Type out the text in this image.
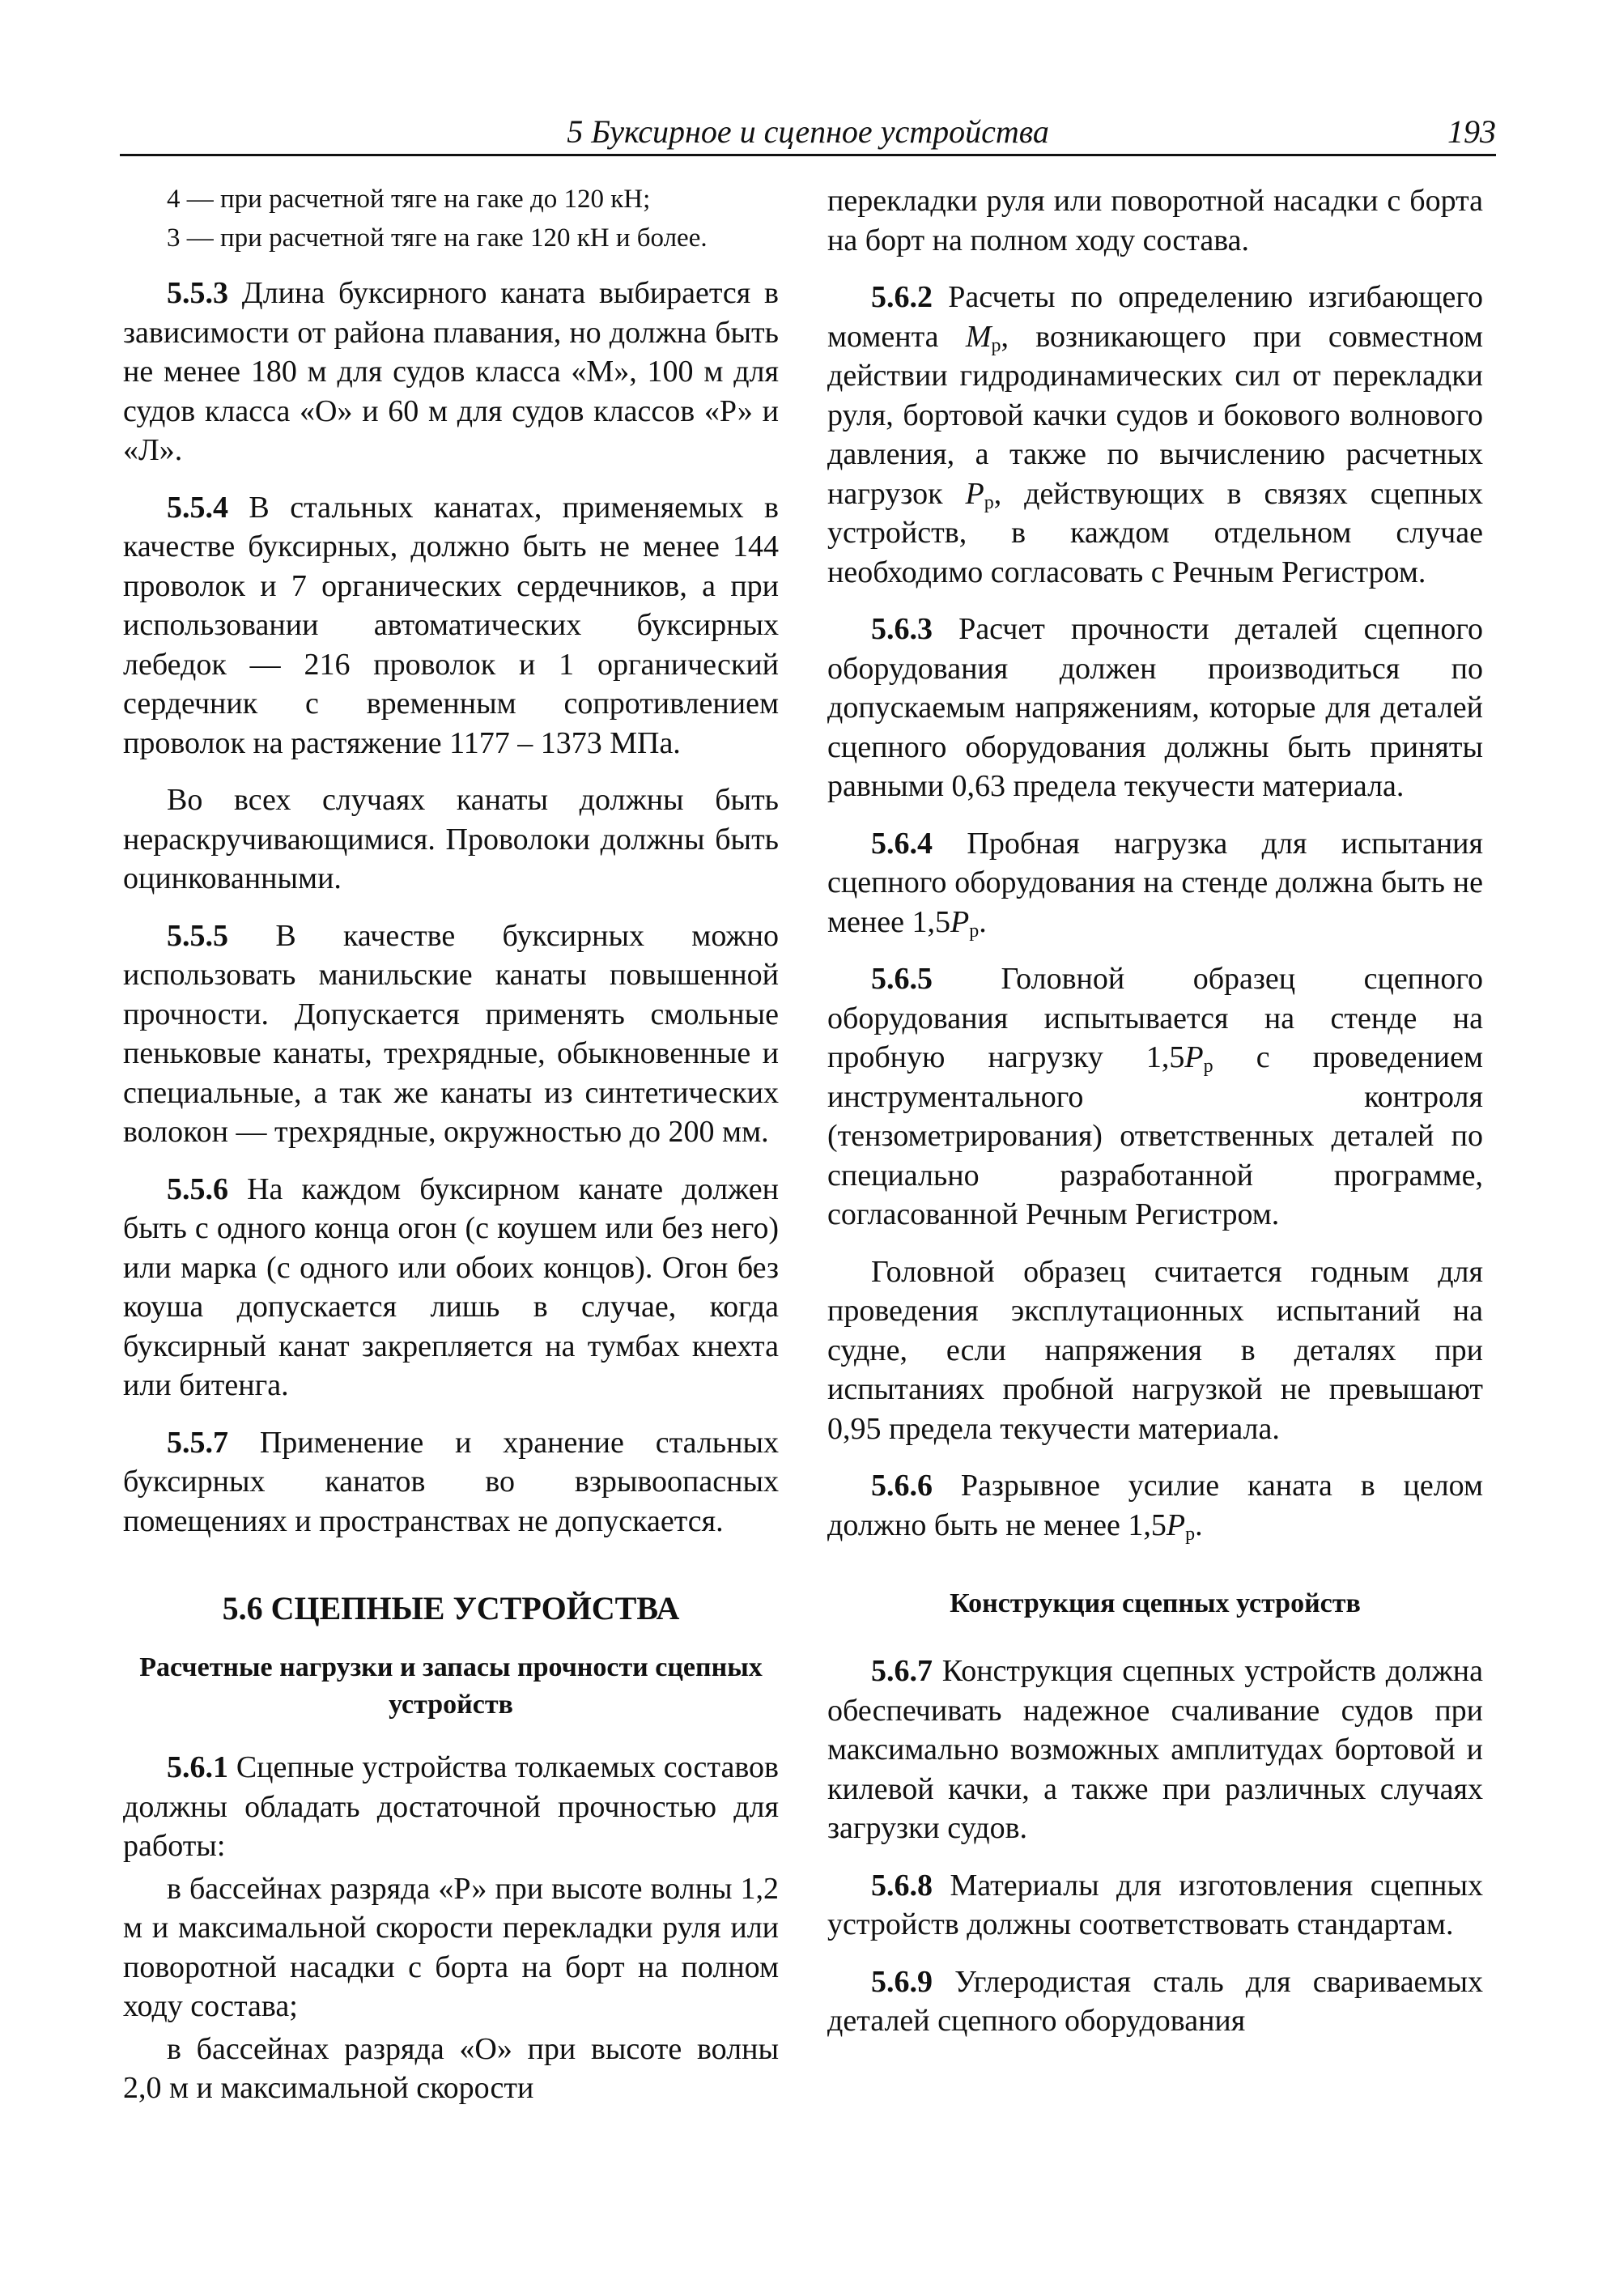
5 Буксирное и сцепное устройства	193

4 — при расчетной тяге на гаке до 120 кН;

3 — при расчетной тяге на гаке 120 кН и более.

5.5.3 Длина буксирного каната выбирается в зависимости от района плавания, но должна быть не менее 180 м для судов класса «М», 100 м для судов класса «О» и 60 м для судов классов «Р» и «Л».

5.5.4 В стальных канатах, применяемых в качестве буксирных, должно быть не менее 144 проволок и 7 органических сердечников, а при использовании автоматических буксирных лебедок — 216 проволок и 1 органический сердечник с временным сопротивлением проволок на растяжение 1177 – 1373 МПа.

Во всех случаях канаты должны быть нераскручивающимися. Проволоки должны быть оцинкованными.

5.5.5 В качестве буксирных можно использовать манильские канаты повышенной прочности. Допускается применять смольные пеньковые канаты, трехрядные, обыкновенные и специальные, а так же канаты из синтетических волокон — трехрядные, окружностью до 200 мм.

5.5.6 На каждом буксирном канате должен быть с одного конца огон (с коушем или без него) или марка (с одного или обоих концов). Огон без коуша допускается лишь в случае, когда буксирный канат закрепляется на тумбах кнехта или битенга.

5.5.7 Применение и хранение стальных буксирных канатов во взрывоопасных помещениях и пространствах не допускается.

5.6 СЦЕПНЫЕ УСТРОЙСТВА
Расчетные нагрузки и запасы прочности сцепных устройств

5.6.1 Сцепные устройства толкаемых составов должны обладать достаточной прочностью для работы:

в бассейнах разряда «Р» при высоте волны 1,2 м и максимальной скорости перекладки руля или поворотной насадки с борта на борт на полном ходу состава;

в бассейнах разряда «О» при высоте волны 2,0 м и максимальной скорости

перекладки руля или поворотной насадки с борта на борт на полном ходу состава.

5.6.2 Расчеты по определению изгибающего момента $M_р$, возникающего при совместном действии гидродинамических сил от перекладки руля, бортовой качки судов и бокового волнового давления, а также по вычислению расчетных нагрузок $P_р$, действующих в связях сцепных устройств, в каждом отдельном случае необходимо согласовать с Речным Регистром.

5.6.3 Расчет прочности деталей сцепного оборудования должен производиться по допускаемым напряжениям, которые для деталей сцепного оборудования должны быть приняты равными 0,63 предела текучести материала.

5.6.4 Пробная нагрузка для испытания сцепного оборудования на стенде должна быть не менее $1,5P_р$.

5.6.5 Головной образец сцепного оборудования испытывается на стенде на пробную нагрузку $1,5P_р$ с проведением инструментального контроля (тензометрирования) ответственных деталей по специально разработанной программе, согласованной Речным Регистром.

Головной образец считается годным для проведения эксплутационных испытаний на судне, если напряжения в деталях при испытаниях пробной нагрузкой не превышают 0,95 предела текучести материала.

5.6.6 Разрывное усилие каната в целом должно быть не менее $1,5P_р$.

Конструкция сцепных устройств

5.6.7 Конструкция сцепных устройств должна обеспечивать надежное счаливание судов при максимально возможных амплитудах бортовой и килевой качки, а также при различных случаях загрузки судов.

5.6.8 Материалы для изготовления сцепных устройств должны соответствовать стандартам.

5.6.9 Углеродистая сталь для свариваемых деталей сцепного оборудования
